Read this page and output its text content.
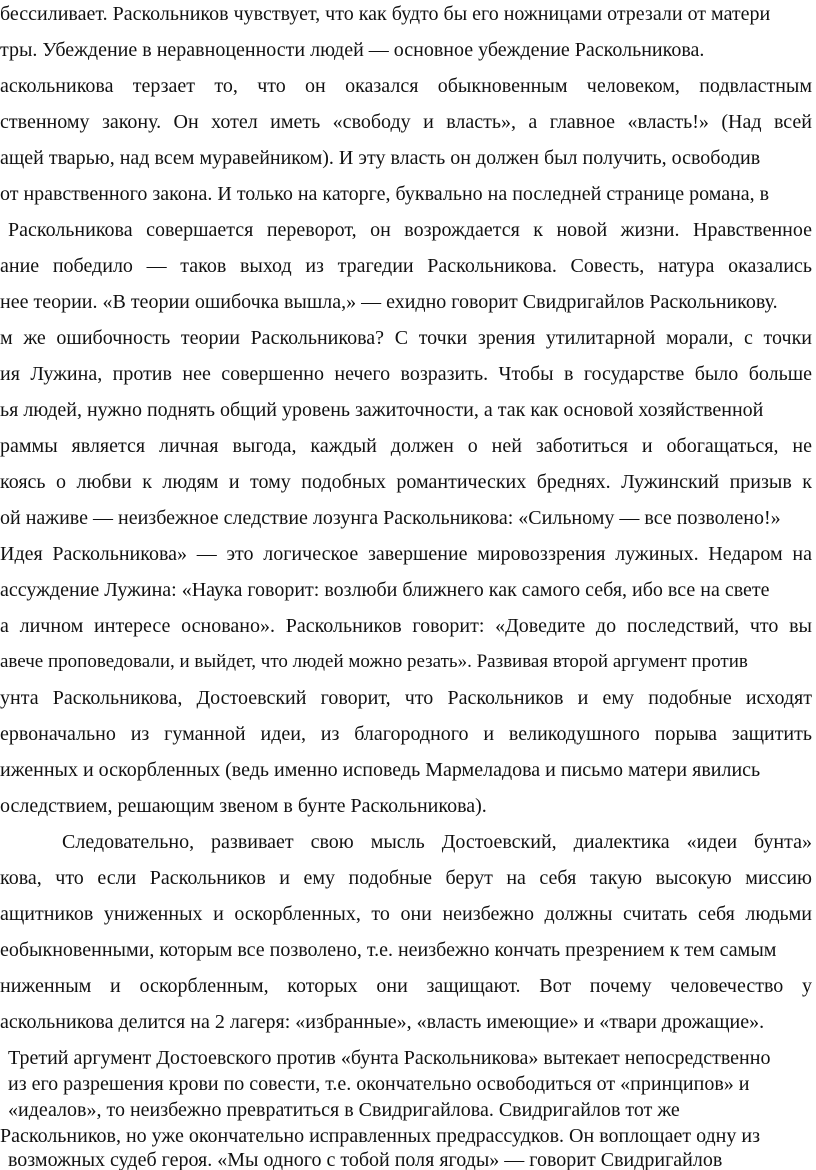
бессиливает. Раскольников чувствует, что как будто бы его ножницами отрезали от матери
тры. Убеждение в неравноценности людей — основное убеждение Раскольникова.
аскольникова терзает то, что он оказался обыкновенным человеком, подвластным
ственному закону. Он хотел иметь «свободу и власть», а главное «власть!» (Над всей
ащей тварью, над всем муравейником). И эту власть он должен был получить, освободив
от нравственного закона. И только на каторге, буквально на последней странице романа, в
Раскольникова совершается переворот, он возрождается к новой жизни. Нравственное
ание победило — таков выход из трагедии Раскольникова. Совесть, натура оказались
нее теории. «В теории ошибочка вышла,» — ехидно говорит Свидригайлов Раскольникову.
м же ошибочность теории Раскольникова? С точки зрения утилитарной морали, с точки
ия Лужина, против нее совершенно нечего возразить. Чтобы в государстве было больше
ья людей, нужно поднять общий уровень зажиточности, а так как основой хозяйственной
раммы является личная выгода, каждый должен о ней заботиться и обогащаться, не
коясь о любви к людям и тому подобных романтических бреднях. Лужинский призыв к
ой наживе — неизбежное следствие лозунга Раскольникова: «Сильному — все позволено!»
Идея Раскольникова» — это логическое завершение мировоззрения лужиных. Недаром на
ассуждение Лужина: «Наука говорит: возлюби ближнего как самого себя, ибо все на свете
а личном интересе основано». Раскольников говорит: «Доведите до последствий, что вы
авече проповедовали, и выйдет, что людей можно резать». Развивая второй аргумент против
унта Раскольникова, Достоевский говорит, что Раскольников и ему подобные исходят
ервоначально из гуманной идеи, из благородного и великодушного порыва защитить
иженных и оскорбленных (ведь именно исповедь Мармеладова и письмо матери явились
оследствием, решающим звеном в бунте Раскольникова).
Следовательно, развивает свою мысль Достоевский, диалектика «идеи бунта»
кова, что если Раскольников и ему подобные берут на себя такую высокую миссию
ащитников униженных и оскорбленных, то они неизбежно должны считать себя людьми
еобыкновенными, которым все позволено, т.е. неизбежно кончать презрением к тем самым
ниженным и оскорбленным, которых они защищают. Вот почему человечество у
аскольникова делится на 2 лагеря: «избранные», «власть имеющие» и «твари дрожащие».
Третий аргумент Достоевского против «бунта Раскольникова» вытекает непосредственно
из его разрешения крови по совести, т.е. окончательно освободиться от «принципов» и
«идеалов», то неизбежно превратиться в Свидригайлова. Свидригайлов тот же
Раскольников, но уже окончательно исправленных предрассудков. Он воплощает одну из
возможных судеб героя. «Мы одного с тобой поля ягоды» — говорит Свидригайлов
